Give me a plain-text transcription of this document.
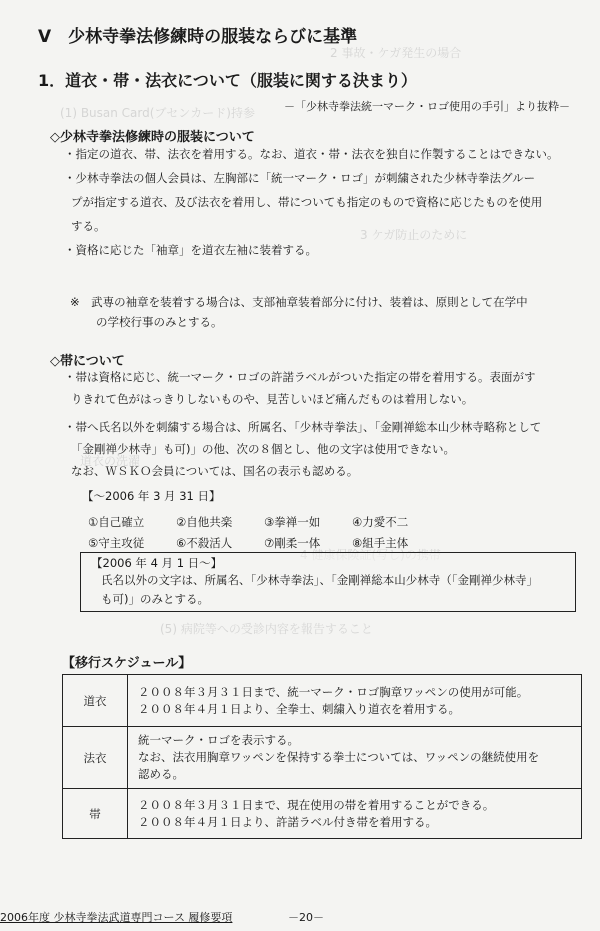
2 事故・ケガ発生の場合
(1) Busan Card(ブセンカード)持参
3 ケガ防止のために
道衣の洗濯
(5) 病院等への受診内容を報告すること
Ⅴ　少林寺拳法修練時の服装ならびに基準
1．道衣・帯・法衣について（服装に関する決まり）
－「少林寺拳法統一マーク・ロゴ使用の手引」より抜粋－
◇少林寺拳法修練時の服装について
・指定の道衣、帯、法衣を着用する。なお、道衣・帯・法衣を独自に作製することはできない。
・少林寺拳法の個人会員は、左胸部に「統一マーク・ロゴ」が刺繍された少林寺拳法グルー
プが指定する道衣、及び法衣を着用し、帯についても指定のもので資格に応じたものを使用
する。
・資格に応じた「袖章」を道衣左袖に装着する。
※　武専の袖章を装着する場合は、支部袖章装着部分に付け、装着は、原則として在学中
の学校行事のみとする。
◇帯について
・帯は資格に応じ、統一マーク・ロゴの許諾ラベルがついた指定の帯を着用する。表面がす
りきれて色がはっきりしないものや、見苦しいほど痛んだものは着用しない。
・帯へ氏名以外を刺繍する場合は、所属名、「少林寺拳法」、「金剛禅総本山少林寺略称として
「金剛禅少林寺」も可)」の他、次の８個とし、他の文字は使用できない。
なお、ＷＳＫＯ会員については、国名の表示も認める。
【～2006 年 3 月 31 日】
①自己確立	②自他共楽	③拳禅一如	④力愛不二
⑤守主攻従	⑥不殺活人	⑦剛柔一体	⑧組手主体
【2006 年 4 月 1 日～】
氏名以外の文字は、所属名、「少林寺拳法」、「金剛禅総本山少林寺（「金剛禅少林寺」
も可)」のみとする。
【移行スケジュール】
道衣	２００８年３月３１日まで、統一マーク・ロゴ胸章ワッペンの使用が可能。
２００８年４月１日より、全拳士、刺繍入り道衣を着用する。

法衣	統一マーク・ロゴを表示する。
なお、法衣用胸章ワッペンを保持する拳士については、ワッペンの継続使用を
認める。

帯	２００８年３月３１日まで、現在使用の帯を着用することができる。
２００８年４月１日より、許諾ラベル付き帯を着用する。
2006年度 少林寺拳法武道専門コース 履修要項	－20－
